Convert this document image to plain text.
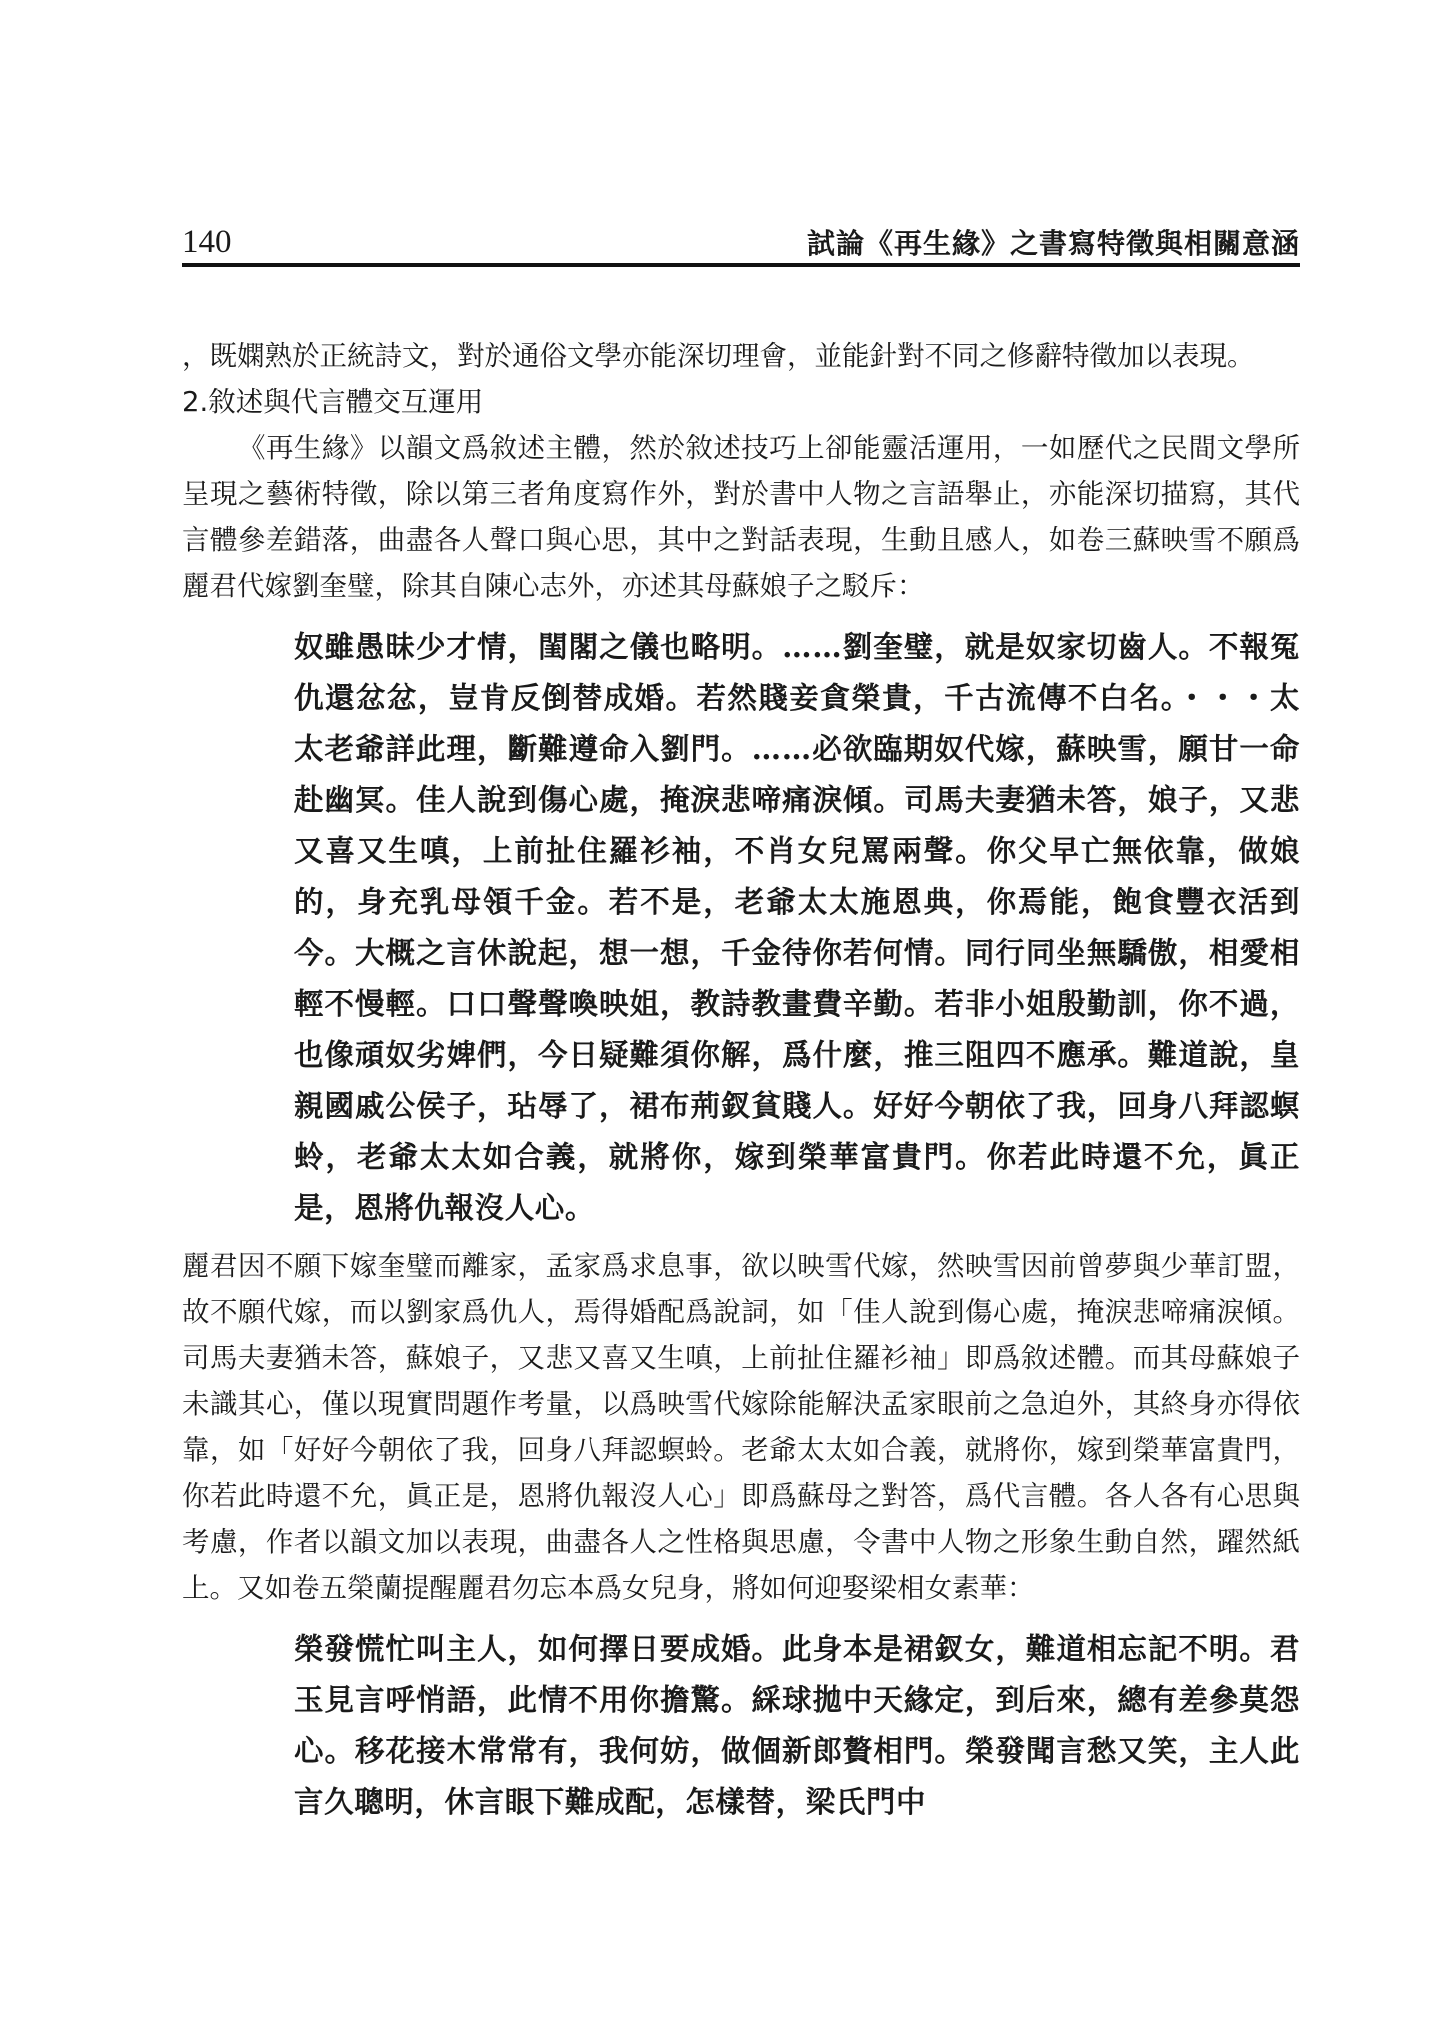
140	試論《再生緣》之書寫特徵與相關意涵

，既嫻熟於正統詩文，對於通俗文學亦能深切理會，並能針對不同之修辭特徵加以表現。

2.敘述與代言體交互運用

《再生緣》以韻文爲敘述主體，然於敘述技巧上卻能靈活運用，一如歷代之民間文學所呈現之藝術特徵，除以第三者角度寫作外，對於書中人物之言語舉止，亦能深切描寫，其代言體參差錯落，曲盡各人聲口與心思，其中之對話表現，生動且感人，如卷三蘇映雪不願爲麗君代嫁劉奎璧，除其自陳心志外，亦述其母蘇娘子之駁斥：

奴雖愚昧少才情，閨閣之儀也略明。……劉奎璧，就是奴家切齒人。不報冤仇還忿忿，豈肯反倒替成婚。若然賤妾貪榮貴，千古流傳不白名。・・・太太老爺詳此理，斷難遵命入劉門。……必欲臨期奴代嫁，蘇映雪，願甘一命赴幽冥。佳人說到傷心處，掩淚悲啼痛淚傾。司馬夫妻猶未答，娘子，又悲又喜又生嗔，上前扯住羅衫袖，不肖女兒罵兩聲。你父早亡無依靠，做娘的，身充乳母領千金。若不是，老爺太太施恩典，你焉能，飽食豐衣活到今。大概之言休說起，想一想，千金待你若何情。同行同坐無驕傲，相愛相輕不慢輕。口口聲聲喚映姐，教詩教畫費辛勤。若非小姐殷勤訓，你不過，也像頑奴劣婢們，今日疑難須你解，爲什麼，推三阻四不應承。難道說，皇親國戚公侯子，玷辱了，裙布荊釵貧賤人。好好今朝依了我，回身八拜認螟蛉，老爺太太如合義，就將你，嫁到榮華富貴門。你若此時還不允，眞正是，恩將仇報沒人心。

麗君因不願下嫁奎璧而離家，孟家爲求息事，欲以映雪代嫁，然映雪因前曾夢與少華訂盟，故不願代嫁，而以劉家爲仇人，焉得婚配爲說詞，如「佳人說到傷心處，掩淚悲啼痛淚傾。司馬夫妻猶未答，蘇娘子，又悲又喜又生嗔，上前扯住羅衫袖」即爲敘述體。而其母蘇娘子未識其心，僅以現實問題作考量，以爲映雪代嫁除能解決孟家眼前之急迫外，其終身亦得依靠，如「好好今朝依了我，回身八拜認螟蛉。老爺太太如合義，就將你，嫁到榮華富貴門，你若此時還不允，眞正是，恩將仇報沒人心」即爲蘇母之對答，爲代言體。各人各有心思與考慮，作者以韻文加以表現，曲盡各人之性格與思慮，令書中人物之形象生動自然，躍然紙上。又如卷五榮蘭提醒麗君勿忘本爲女兒身，將如何迎娶梁相女素華：

榮發慌忙叫主人，如何擇日要成婚。此身本是裙釵女，難道相忘記不明。君玉見言呼悄語，此情不用你擔驚。綵球拋中天緣定，到后來，總有差參莫怨心。移花接木常常有，我何妨，做個新郎贅相門。榮發聞言愁又笑，主人此言久聰明，休言眼下難成配，怎樣替，梁氏門中
